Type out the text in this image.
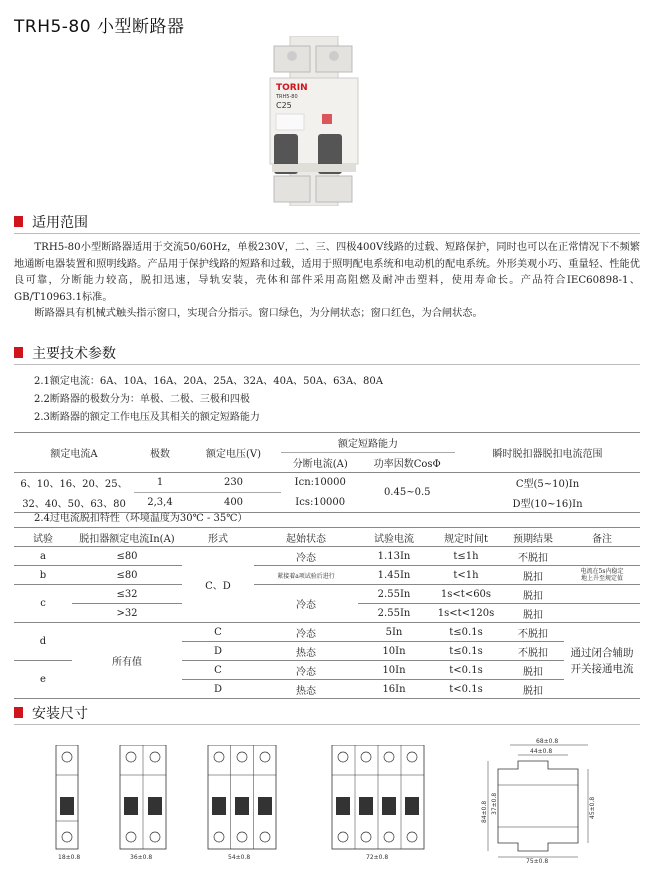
TRH5-80 小型断路器
TORIN
TRH5-80
C25
适用范围

TRH5-80小型断路器适用于交流50/60Hz，单极230V，二、三、四极400V线路的过载、短路保护，同时也可以在正常情况下不频繁地通断电器装置和照明线路。产品用于保护线路的短路和过载，适用于照明配电系统和电动机的配电系统。外形美观小巧、重量轻、性能优良可靠，分断能力较高，脱扣迅速，导轨安装，壳体和部件采用高阻燃及耐冲击塑料，使用寿命长。产品符合IEC60898-1、GB/T10963.1标准。

断路器具有机械式触头指示窗口，实现合分指示。窗口绿色，为分闸状态；窗口红色，为合闸状态。

主要技术参数
2.1额定电流：6A、10A、16A、20A、25A、32A、40A、50A、63A、80A
2.2断路器的极数分为：单极、二极、三极和四极
2.3断路器的额定工作电压及其相关的额定短路能力
额定电流A	极数	额定电压(V)	额定短路能力		瞬时脱扣器脱扣电流范围
			分断电流(A)	功率因数CosΦ	
6、10、16、20、25、	1	230	Icn:10000	0.45~0.5	C型(5~10)In
32、40、50、63、80	2,3,4	400	Ics:10000		D型(10~16)In
2.4过电流脱扣特性（环境温度为30℃ - 35℃）
试验	脱扣器额定电流In(A)	形式	起始状态	试验电流	规定时间t	预期结果	备注
a	≤80	C、D	冷态	1.13In	t≤1h	不脱扣	
b	≤80		紧接着a项试验后进行	1.45In	t<1h	脱扣	电流在5s内稳定
地上升至规定值

c	≤32		冷态	2.55In	1s<t<60s	脱扣	
	>32			2.55In	1s<t<120s	脱扣	
d	所有值	C	冷态	5In	t≤0.1s	不脱扣	通过闭合辅助
开关接通电流

		D	热态	10In	t≤0.1s	不脱扣	
e		C	冷态	10In	t<0.1s	脱扣	
		D	热态	16In	t<0.1s	脱扣	
安装尺寸
18±0.8	36±0.8	54±0.8	72±0.8
68±0.8
44±0.8
84±0.8 37±0.8	45±0.8
75±0.8
